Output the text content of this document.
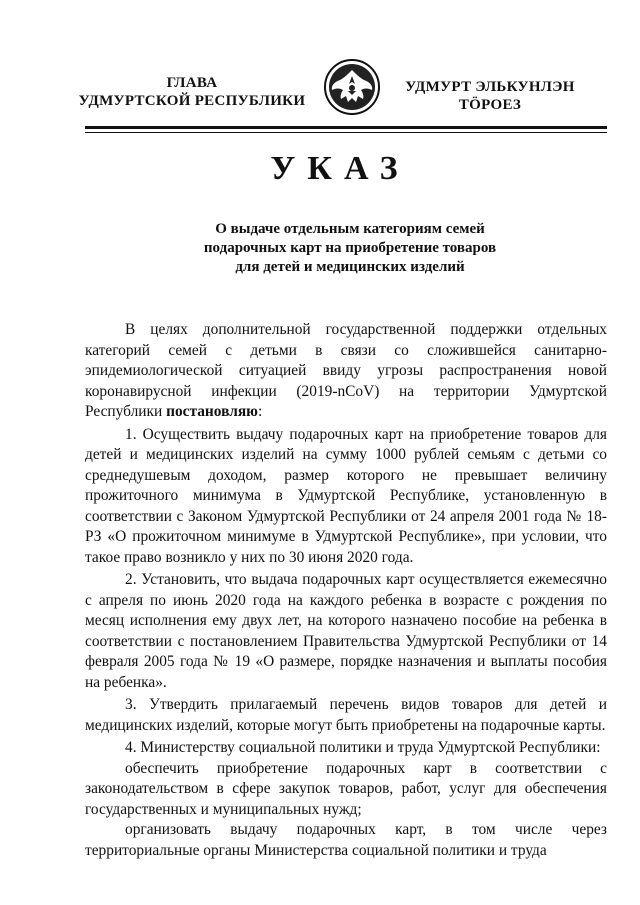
ГЛАВА
УДМУРТСКОЙ РЕСПУБЛИКИ
УДМУРТ ЭЛЬКУНЛЭН
ТӦРОЕЗ
УКАЗ
О выдаче отдельным категориям семей
подарочных карт на приобретение товаров
для детей и медицинских изделий

В целях дополнительной государственной поддержки отдельных категорий семей с детьми в связи со сложившейся санитарно-эпидемиологической ситуацией ввиду угрозы распространения новой коронавирусной инфекции (2019-nCoV) на территории Удмуртской Республики постановляю:

1. Осуществить выдачу подарочных карт на приобретение товаров для детей и медицинских изделий на сумму 1000 рублей семьям с детьми со среднедушевым доходом, размер которого не превышает величину прожиточного минимума в Удмуртской Республике, установленную в соответствии с Законом Удмуртской Республики от 24 апреля 2001 года № 18-РЗ «О прожиточном минимуме в Удмуртской Республике», при условии, что такое право возникло у них по 30 июня 2020 года.

2. Установить, что выдача подарочных карт осуществляется ежемесячно с апреля по июнь 2020 года на каждого ребенка в возрасте с рождения по месяц исполнения ему двух лет, на которого назначено пособие на ребенка в соответствии с постановлением Правительства Удмуртской Республики от 14 февраля 2005 года № 19 «О размере, порядке назначения и выплаты пособия на ребенка».

3. Утвердить прилагаемый перечень видов товаров для детей и медицинских изделий, которые могут быть приобретены на подарочные карты.

4. Министерству социальной политики и труда Удмуртской Республики:

обеспечить приобретение подарочных карт в соответствии с законодательством в сфере закупок товаров, работ, услуг для обеспечения государственных и муниципальных нужд;

организовать выдачу подарочных карт, в том числе через территориальные органы Министерства социальной политики и труда
